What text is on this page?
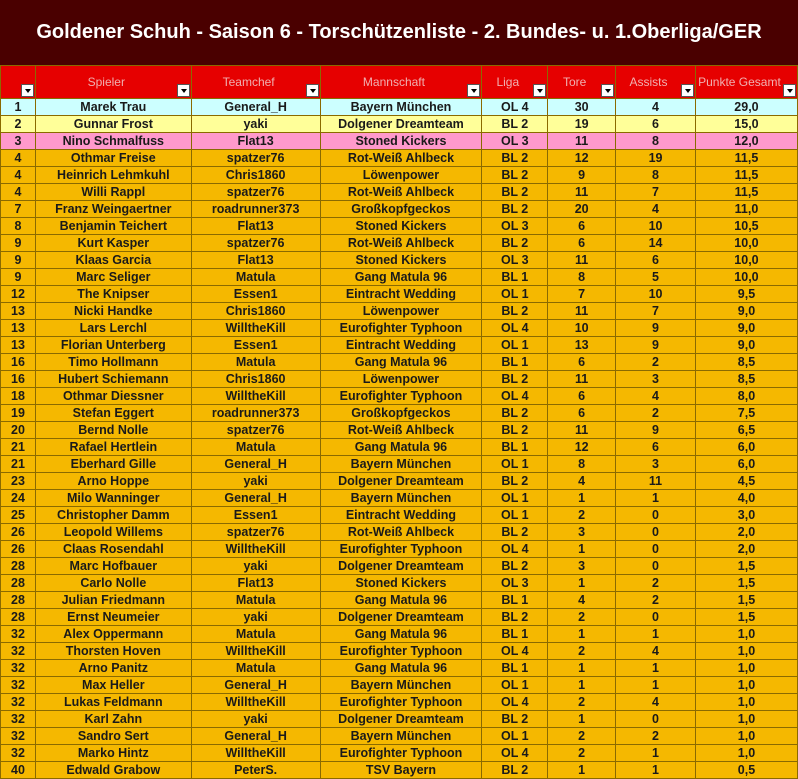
Goldener Schuh - Saison 6 - Torschützenliste - 2. Bundes- u. 1.Oberliga/GER

	Spieler	Teamchef	Mannschaft	Liga	Tore	Assists	Punkte Gesamt

1	Marek Trau	General_H	Bayern München	OL 4	30	4	29,0
2	Gunnar Frost	yaki	Dolgener Dreamteam	BL 2	19	6	15,0
3	Nino Schmalfuss	Flat13	Stoned Kickers	OL 3	11	8	12,0
4	Othmar Freise	spatzer76	Rot-Weiß Ahlbeck	BL 2	12	19	11,5
4	Heinrich Lehmkuhl	Chris1860	Löwenpower	BL 2	9	8	11,5
4	Willi Rappl	spatzer76	Rot-Weiß Ahlbeck	BL 2	11	7	11,5
7	Franz Weingaertner	roadrunner373	Großkopfgeckos	BL 2	20	4	11,0
8	Benjamin Teichert	Flat13	Stoned Kickers	OL 3	6	10	10,5
9	Kurt Kasper	spatzer76	Rot-Weiß Ahlbeck	BL 2	6	14	10,0
9	Klaas Garcia	Flat13	Stoned Kickers	OL 3	11	6	10,0
9	Marc Seliger	Matula	Gang Matula 96	BL 1	8	5	10,0
12	The Knipser	Essen1	Eintracht Wedding	OL 1	7	10	9,5
13	Nicki Handke	Chris1860	Löwenpower	BL 2	11	7	9,0
13	Lars Lerchl	WilltheKill	Eurofighter Typhoon	OL 4	10	9	9,0
13	Florian Unterberg	Essen1	Eintracht Wedding	OL 1	13	9	9,0
16	Timo Hollmann	Matula	Gang Matula 96	BL 1	6	2	8,5
16	Hubert Schiemann	Chris1860	Löwenpower	BL 2	11	3	8,5
18	Othmar Diessner	WilltheKill	Eurofighter Typhoon	OL 4	6	4	8,0
19	Stefan Eggert	roadrunner373	Großkopfgeckos	BL 2	6	2	7,5
20	Bernd Nolle	spatzer76	Rot-Weiß Ahlbeck	BL 2	11	9	6,5
21	Rafael Hertlein	Matula	Gang Matula 96	BL 1	12	6	6,0
21	Eberhard Gille	General_H	Bayern München	OL 1	8	3	6,0
23	Arno Hoppe	yaki	Dolgener Dreamteam	BL 2	4	11	4,5
24	Milo Wanninger	General_H	Bayern München	OL 1	1	1	4,0
25	Christopher Damm	Essen1	Eintracht Wedding	OL 1	2	0	3,0
26	Leopold Willems	spatzer76	Rot-Weiß Ahlbeck	BL 2	3	0	2,0
26	Claas Rosendahl	WilltheKill	Eurofighter Typhoon	OL 4	1	0	2,0
28	Marc Hofbauer	yaki	Dolgener Dreamteam	BL 2	3	0	1,5
28	Carlo Nolle	Flat13	Stoned Kickers	OL 3	1	2	1,5
28	Julian Friedmann	Matula	Gang Matula 96	BL 1	4	2	1,5
28	Ernst Neumeier	yaki	Dolgener Dreamteam	BL 2	2	0	1,5
32	Alex Oppermann	Matula	Gang Matula 96	BL 1	1	1	1,0
32	Thorsten Hoven	WilltheKill	Eurofighter Typhoon	OL 4	2	4	1,0
32	Arno Panitz	Matula	Gang Matula 96	BL 1	1	1	1,0
32	Max Heller	General_H	Bayern München	OL 1	1	1	1,0
32	Lukas Feldmann	WilltheKill	Eurofighter Typhoon	OL 4	2	4	1,0
32	Karl Zahn	yaki	Dolgener Dreamteam	BL 2	1	0	1,0
32	Sandro Sert	General_H	Bayern München	OL 1	2	2	1,0
32	Marko Hintz	WilltheKill	Eurofighter Typhoon	OL 4	2	1	1,0
40	Edwald Grabow	PeterS.	TSV Bayern	BL 2	1	1	0,5
